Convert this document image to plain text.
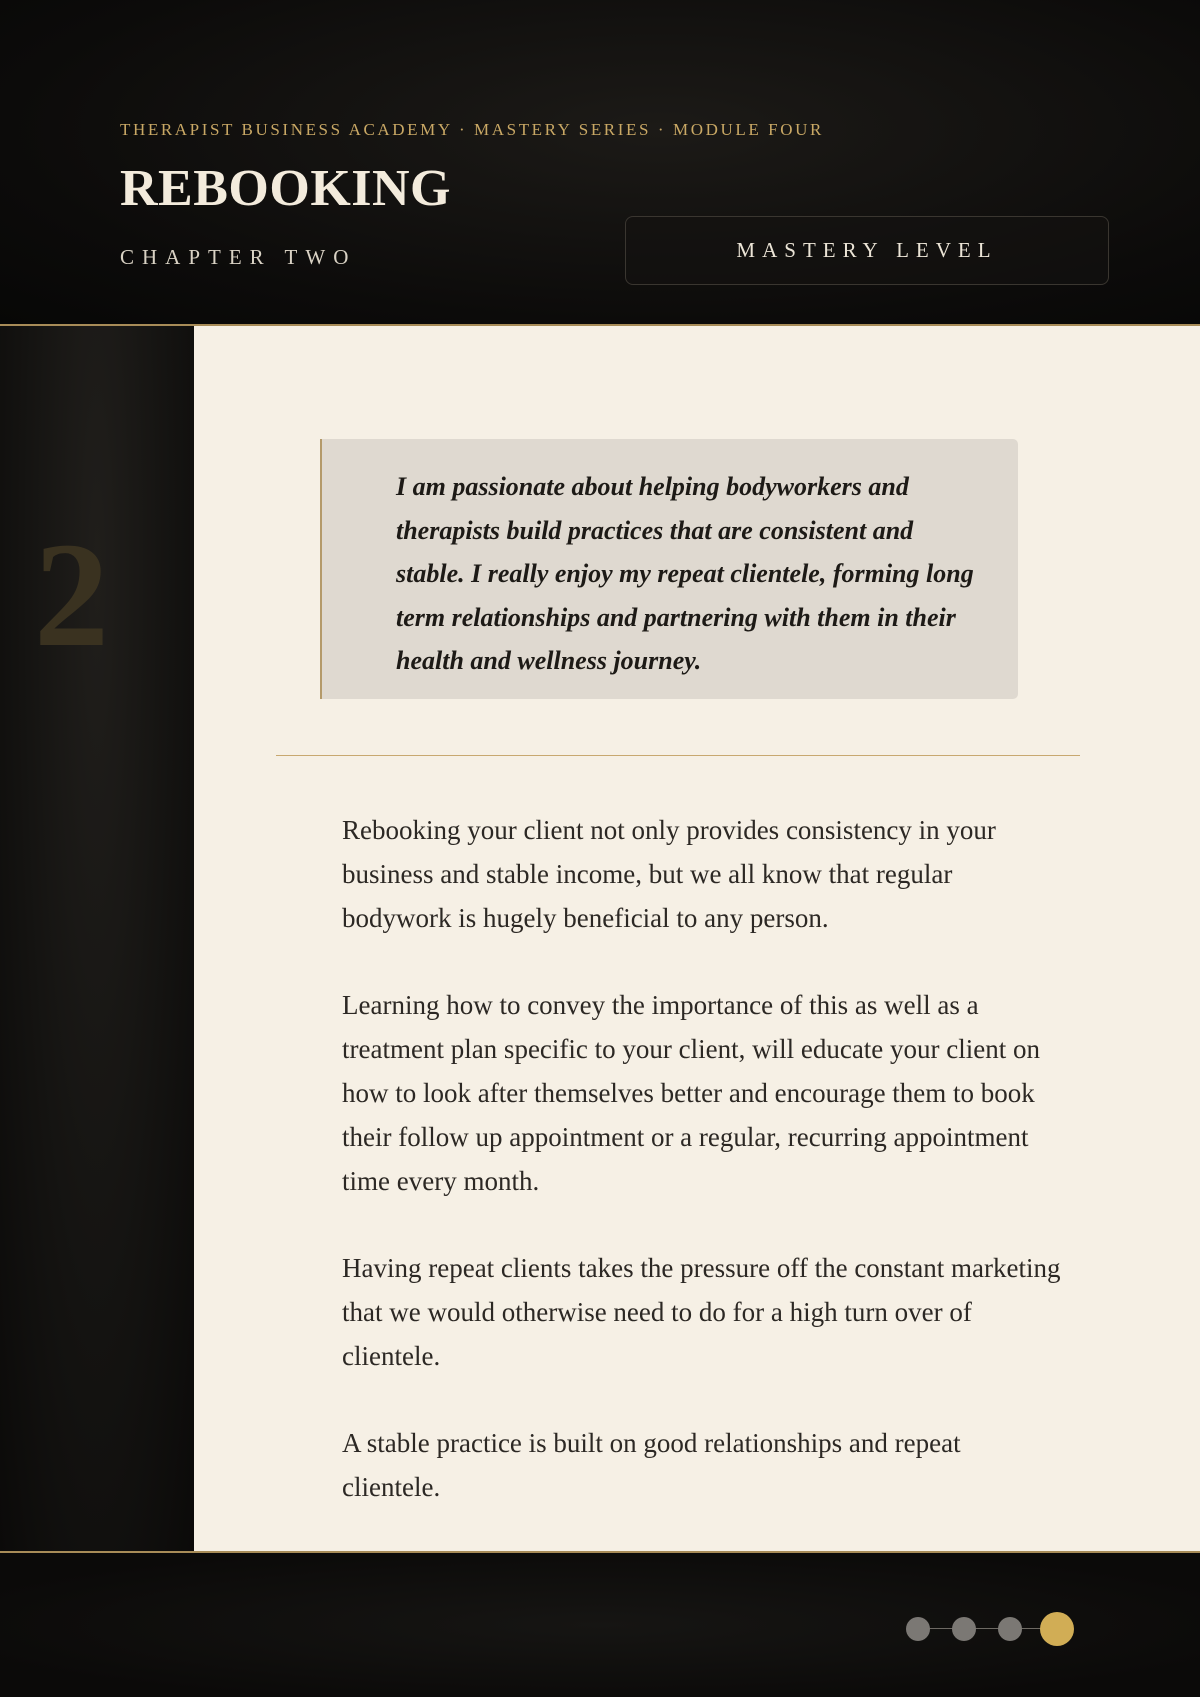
THERAPIST BUSINESS ACADEMY · MASTERY SERIES · MODULE FOUR
REBOOKING
CHAPTER TWO	MASTERY LEVEL
2
I am passionate about helping bodyworkers and therapists build practices that are consistent and stable. I really enjoy my repeat clientele, forming long term relationships and partnering with them in their health and wellness journey.

Rebooking your client not only provides consistency in your business and stable income, but we all know that regular bodywork is hugely beneficial to any person.

Learning how to convey the importance of this as well as a treatment plan specific to your client, will educate your client on how to look after themselves better and encourage them to book their follow up appointment or a regular, recurring appointment time every month.

Having repeat clients takes the pressure off the constant marketing that we would otherwise need to do for a high turn over of clientele.

A stable practice is built on good relationships and repeat clientele.
